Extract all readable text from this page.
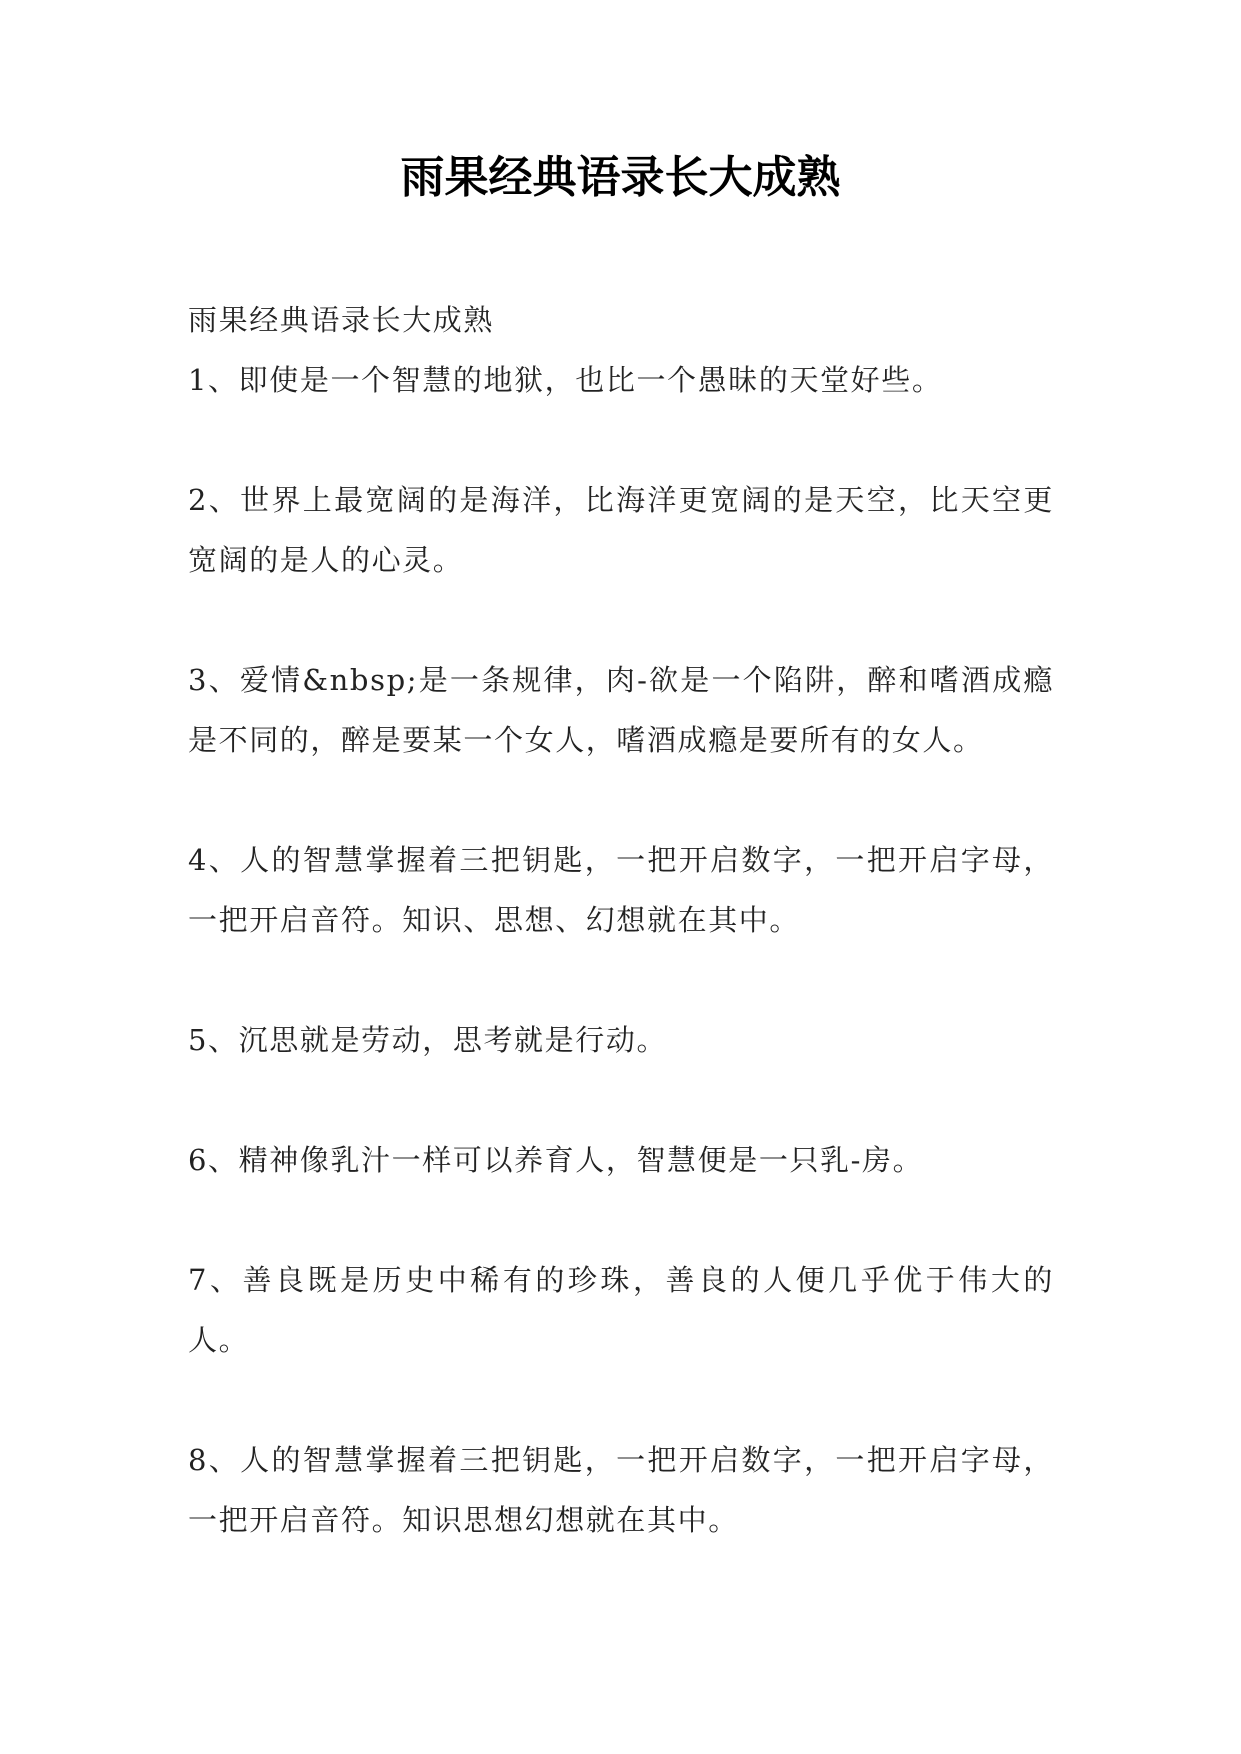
雨果经典语录长大成熟

雨果经典语录长大成熟

1、即使是一个智慧的地狱，也比一个愚昧的天堂好些。

2、世界上最宽阔的是海洋，比海洋更宽阔的是天空，比天空更宽阔的是人的心灵。

3、爱情&nbsp;是一条规律，肉-欲是一个陷阱，醉和嗜酒成瘾是不同的，醉是要某一个女人，嗜酒成瘾是要所有的女人。

4、人的智慧掌握着三把钥匙，一把开启数字，一把开启字母，一把开启音符。知识、思想、幻想就在其中。

5、沉思就是劳动，思考就是行动。

6、精神像乳汁一样可以养育人，智慧便是一只乳-房。

7、善良既是历史中稀有的珍珠，善良的人便几乎优于伟大的人。

8、人的智慧掌握着三把钥匙，一把开启数字，一把开启字母，一把开启音符。知识思想幻想就在其中。
